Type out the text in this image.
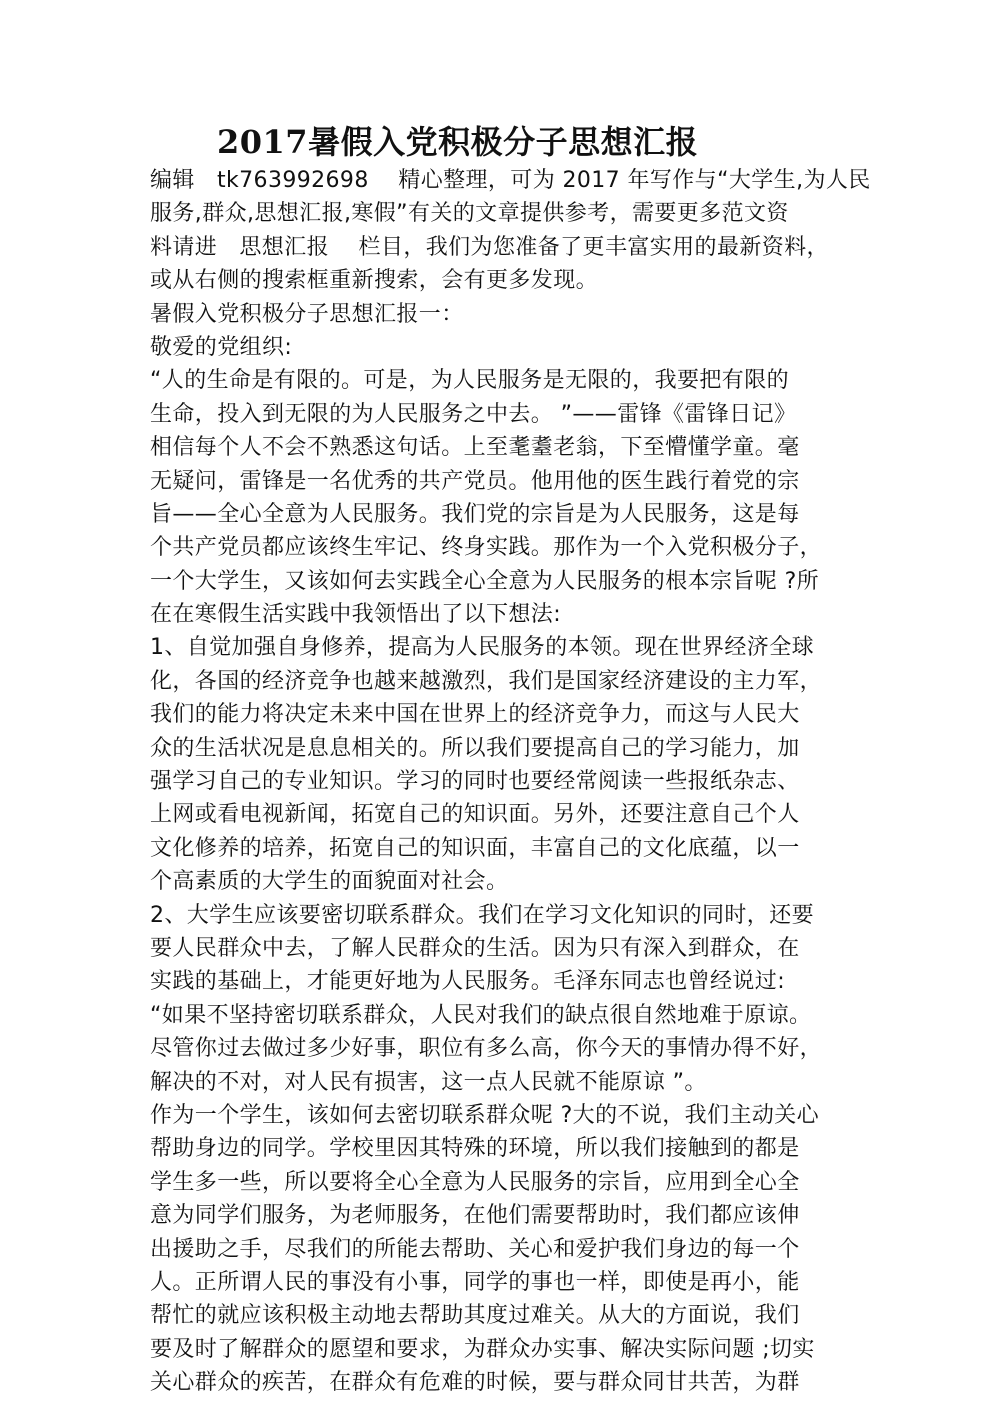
2017暑假入党积极分子思想汇报

编辑   tk763992698    精心整理，可为 2017 年写作与“大学生,为人民

服务,群众,思想汇报,寒假”有关的文章提供参考，需要更多范文资

料请进   思想汇报    栏目，我们为您准备了更丰富实用的最新资料，

或从右侧的搜索框重新搜索，会有更多发现。

暑假入党积极分子思想汇报一：

敬爱的党组织:

“人的生命是有限的。可是，为人民服务是无限的，我要把有限的

生命，投入到无限的为人民服务之中去。 ”——雷锋《雷锋日记》

相信每个人不会不熟悉这句话。上至耄耋老翁，下至懵懂学童。毫

无疑问，雷锋是一名优秀的共产党员。他用他的医生践行着党的宗

旨——全心全意为人民服务。我们党的宗旨是为人民服务，这是每

个共产党员都应该终生牢记、终身实践。那作为一个入党积极分子，

一个大学生，又该如何去实践全心全意为人民服务的根本宗旨呢 ?所

在在寒假生活实践中我领悟出了以下想法:

1、自觉加强自身修养，提高为人民服务的本领。现在世界经济全球

化，各国的经济竞争也越来越激烈，我们是国家经济建设的主力军，

我们的能力将决定未来中国在世界上的经济竞争力，而这与人民大

众的生活状况是息息相关的。所以我们要提高自己的学习能力，加

强学习自己的专业知识。学习的同时也要经常阅读一些报纸杂志、

上网或看电视新闻，拓宽自己的知识面。另外，还要注意自己个人

文化修养的培养，拓宽自己的知识面，丰富自己的文化底蕴，以一

个高素质的大学生的面貌面对社会。

2、大学生应该要密切联系群众。我们在学习文化知识的同时，还要

要人民群众中去，了解人民群众的生活。因为只有深入到群众，在

实践的基础上，才能更好地为人民服务。毛泽东同志也曾经说过:

“如果不坚持密切联系群众，人民对我们的缺点很自然地难于原谅。

尽管你过去做过多少好事，职位有多么高，你今天的事情办得不好，

解决的不对，对人民有损害，这一点人民就不能原谅 ”。

作为一个学生，该如何去密切联系群众呢 ?大的不说，我们主动关心

帮助身边的同学。学校里因其特殊的环境，所以我们接触到的都是

学生多一些，所以要将全心全意为人民服务的宗旨，应用到全心全

意为同学们服务，为老师服务，在他们需要帮助时，我们都应该伸

出援助之手，尽我们的所能去帮助、关心和爱护我们身边的每一个

人。正所谓人民的事没有小事，同学的事也一样，即使是再小，能

帮忙的就应该积极主动地去帮助其度过难关。从大的方面说，我们

要及时了解群众的愿望和要求，为群众办实事、解决实际问题 ;切实

关心群众的疾苦，在群众有危难的时候，要与群众同甘共苦，为群
